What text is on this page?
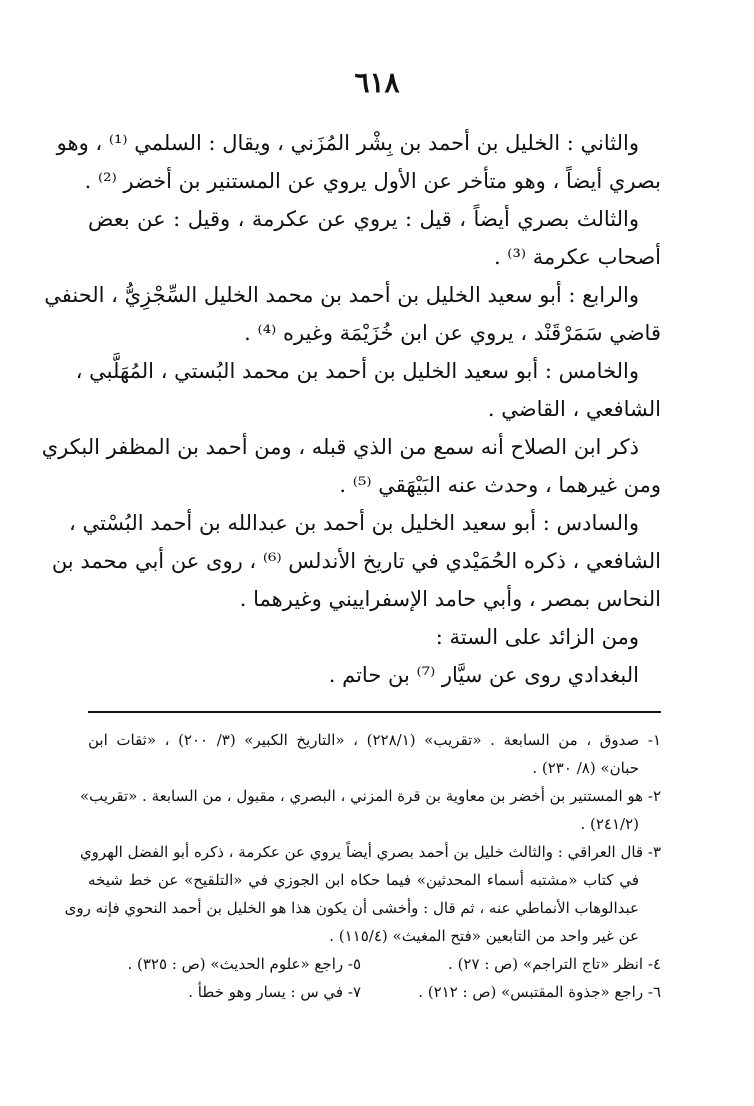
٦١٨
والثاني : الخليل بن أحمد بن بِشْر المُزَني ، ويقال : السلمي ⁽¹⁾ ، وهو
بصري أيضاً ، وهو متأخر عن الأول يروي عن المستنير بن أخضر ⁽²⁾ .
والثالث بصري أيضاً ، قيل : يروي عن عكرمة ، وقيل : عن بعض
أصحاب عكرمة ⁽³⁾ .
والرابع : أبو سعيد الخليل بن أحمد بن محمد الخليل السِّجْزِيُّ ، الحنفي
قاضي سَمَرْقَنْد ، يروي عن ابن خُزَيْمَة وغيره ⁽⁴⁾ .
والخامس : أبو سعيد الخليل بن أحمد بن محمد البُستي ، المُهَلَّبي ،
الشافعي ، القاضي .
ذكر ابن الصلاح أنه سمع من الذي قبله ، ومن أحمد بن المظفر البكري
ومن غيرهما ، وحدث عنه البَيْهَقي ⁽⁵⁾ .
والسادس : أبو سعيد الخليل بن أحمد بن عبدالله بن أحمد البُسْتي ،
الشافعي ، ذكره الحُمَيْدي في تاريخ الأندلس ⁽⁶⁾ ، روى عن أبي محمد بن
النحاس بمصر ، وأبي حامد الإسفراييني وغيرهما .
ومن الزائد على الستة :
البغدادي روى عن سيَّار ⁽⁷⁾ بن حاتم .
١- صدوق ، من السابعة . «تقريب» (٢٢٨/١) ، «التاريخ الكبير» (٣/ ٢٠٠) ، «ثقات ابن
حبان» (٨/ ٢٣٠) .
٢- هو المستنير بن أخضر بن معاوية بن قرة المزني ، البصري ، مقبول ، من السابعة . «تقريب»
(٢٤١/٢) .
٣- قال العراقي : والثالث خليل بن أحمد بصري أيضاً يروي عن عكرمة ، ذكره أبو الفضل الهروي
في كتاب «مشتبه أسماء المحدثين» فيما حكاه ابن الجوزي في «التلقيح» عن خط شيخه
عبدالوهاب الأنماطي عنه ، ثم قال : وأخشى أن يكون هذا هو الخليل بن أحمد النحوي فإنه روى
عن غير واحد من التابعين «فتح المغيث» (١١٥/٤) .
٤- انظر «تاج التراجم» (ص : ٢٧) .
٥- راجع «علوم الحديث» (ص : ٣٢٥) .
٦- راجع «جذوة المقتبس» (ص : ٢١٢) .
٧- في س : يسار وهو خطأ .
